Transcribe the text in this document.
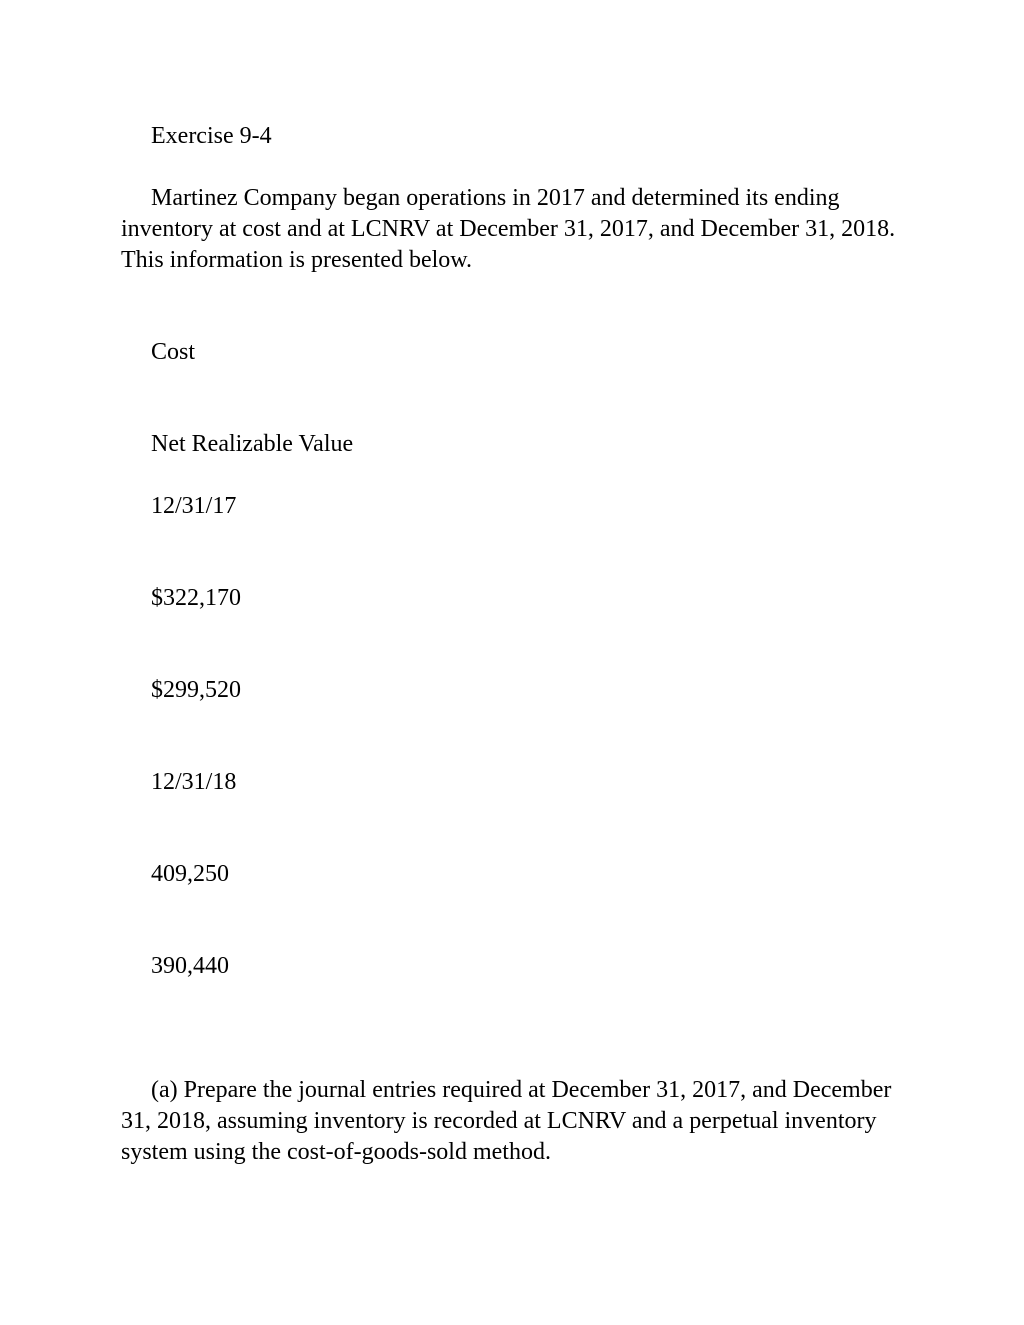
Exercise 9-4

Martinez Company began operations in 2017 and determined its ending inventory at cost and at LCNRV at December 31, 2017, and December 31, 2018. This information is presented below.

Cost

Net Realizable Value

12/31/17

$322,170

$299,520

12/31/18

409,250

390,440

(a) Prepare the journal entries required at December 31, 2017, and December 31, 2018, assuming inventory is recorded at LCNRV and a perpetual inventory system using the cost-of-goods-sold method.
